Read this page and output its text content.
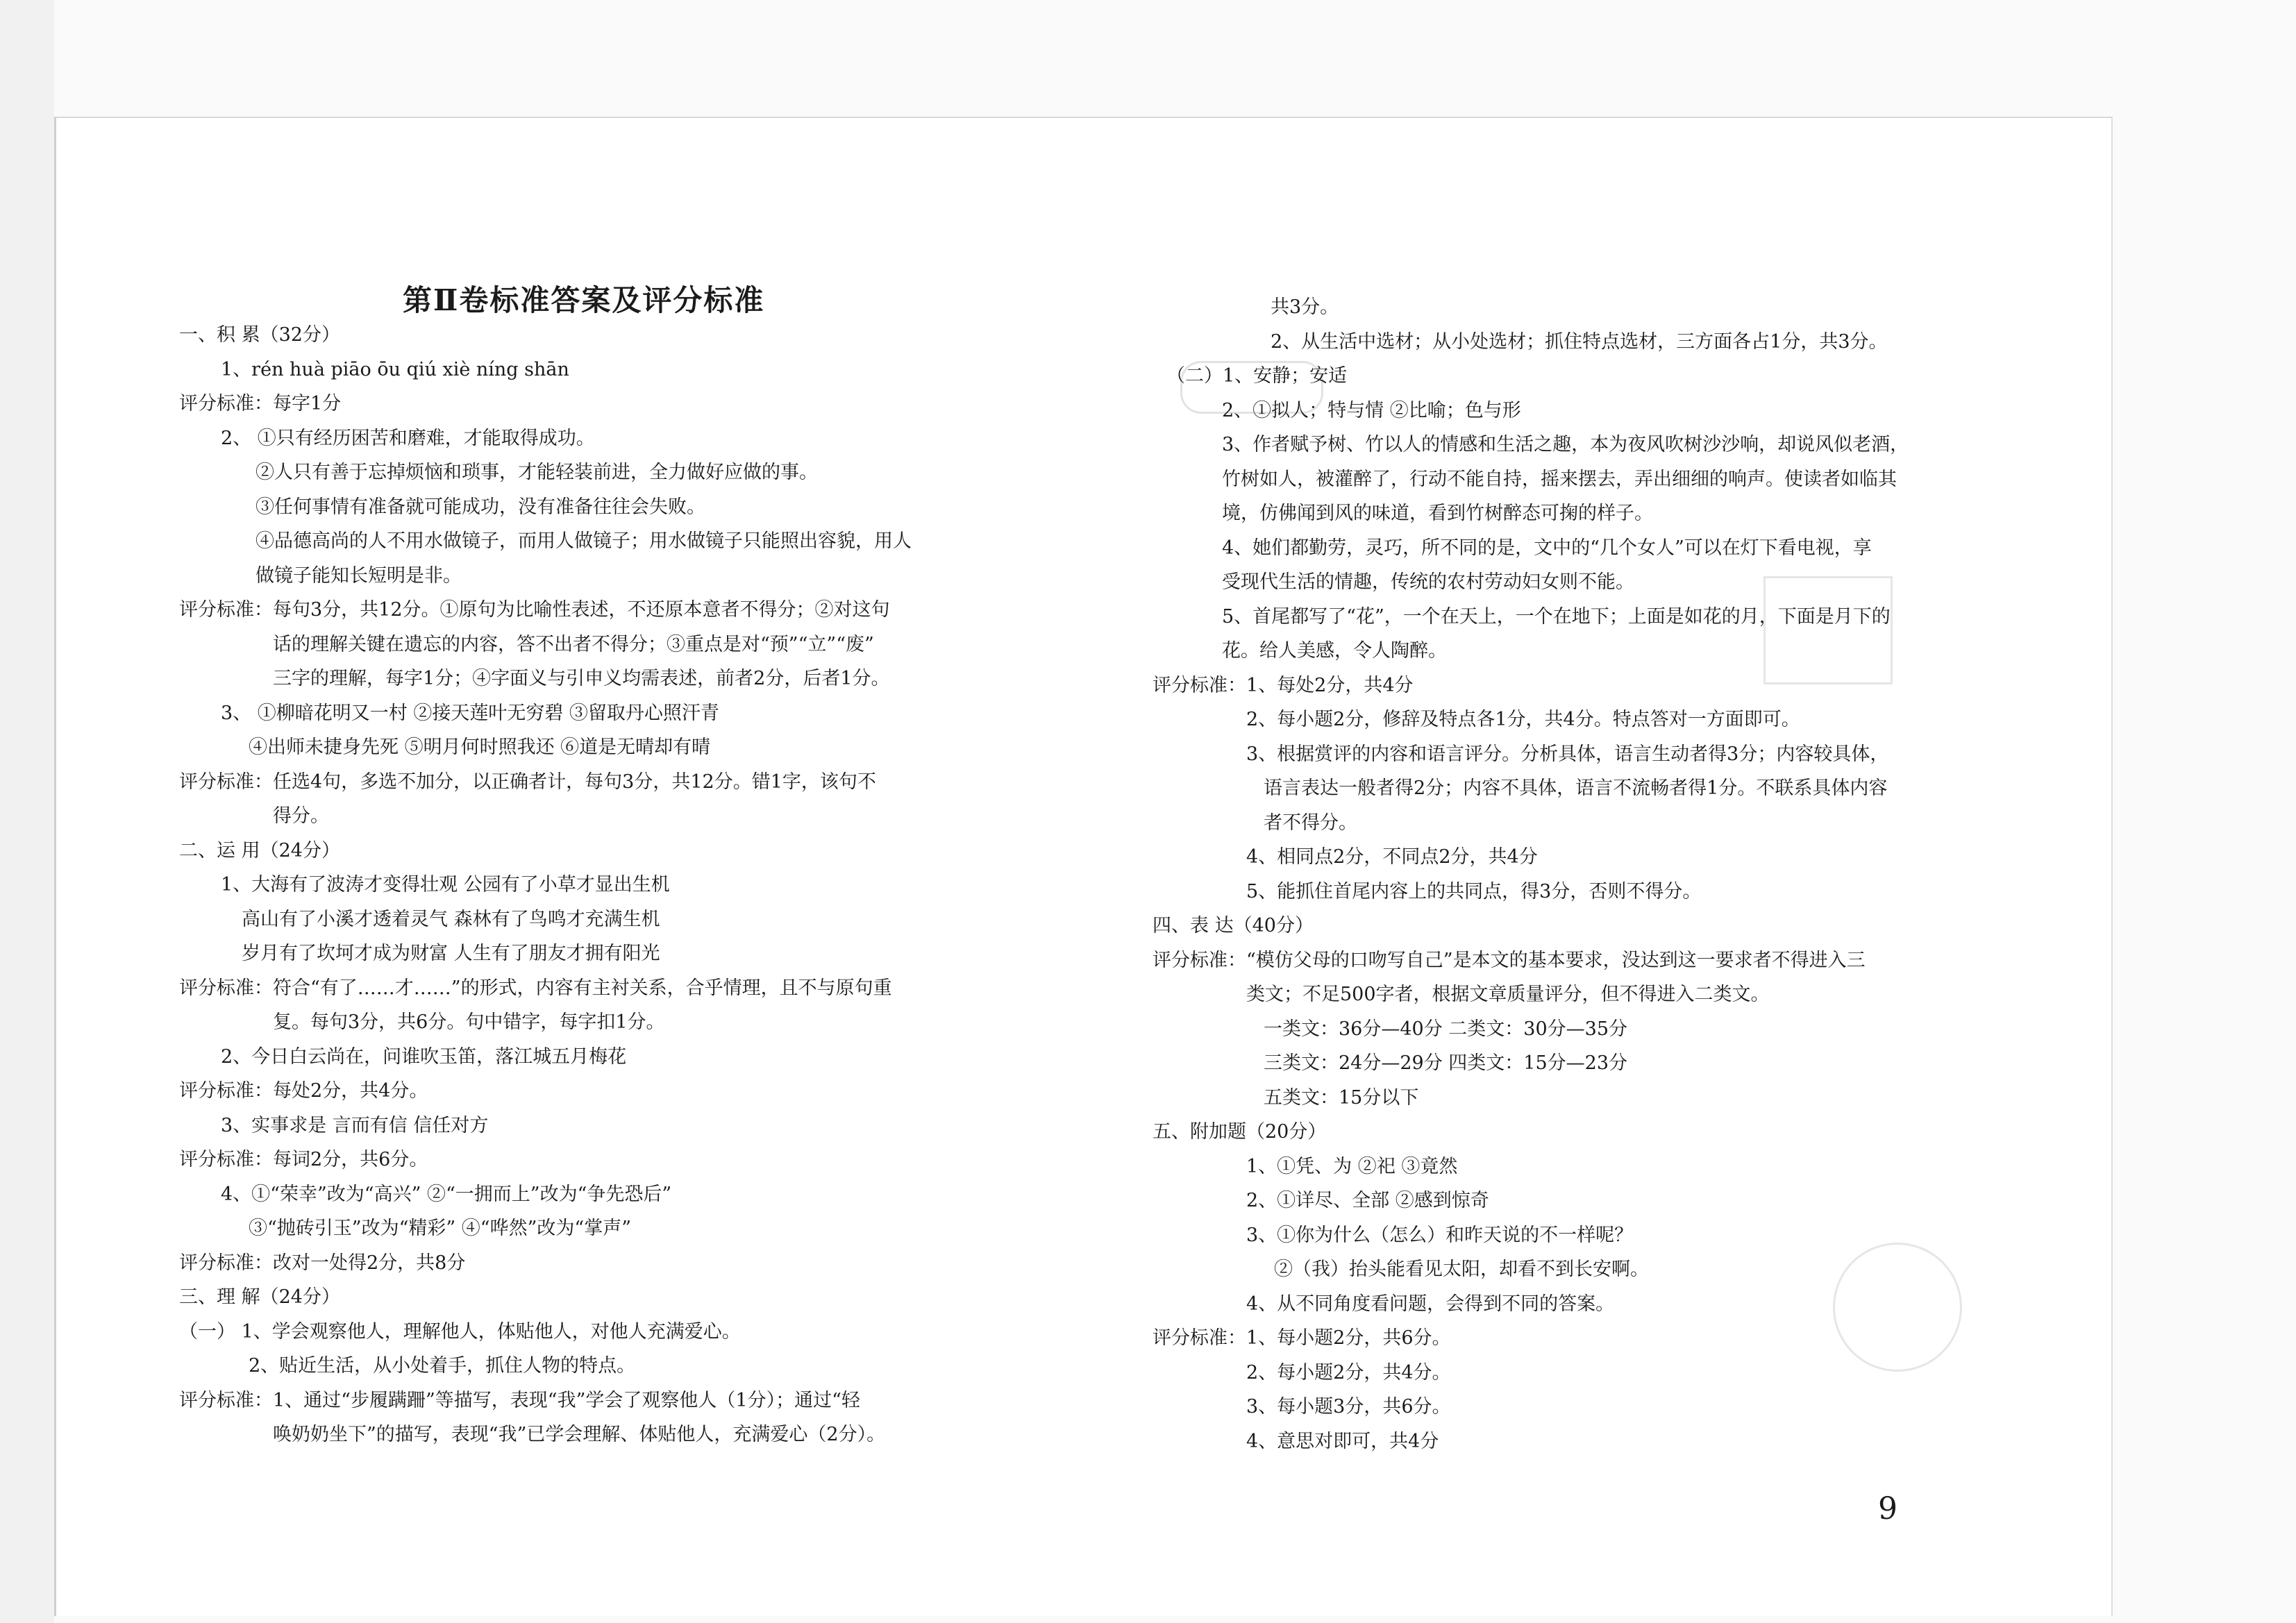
第Ⅱ卷标准答案及评分标准
一、积 累（32分）
1、rén huà piāo ōu qiú xiè níng shān
评分标准：每字1分
2、 ①只有经历困苦和磨难，才能取得成功。
②人只有善于忘掉烦恼和琐事，才能轻装前进，全力做好应做的事。
③任何事情有准备就可能成功，没有准备往往会失败。
④品德高尚的人不用水做镜子，而用人做镜子；用水做镜子只能照出容貌，用人
做镜子能知长短明是非。
评分标准：每句3分，共12分。①原句为比喻性表述，不还原本意者不得分；②对这句
话的理解关键在遗忘的内容，答不出者不得分；③重点是对“预”“立”“废”
三字的理解，每字1分；④字面义与引申义均需表述，前者2分，后者1分。
3、 ①柳暗花明又一村 ②接天莲叶无穷碧 ③留取丹心照汗青
④出师未捷身先死 ⑤明月何时照我还 ⑥道是无晴却有晴
评分标准：任选4句，多选不加分，以正确者计，每句3分，共12分。错1字，该句不
得分。
二、运 用（24分）
1、大海有了波涛才变得壮观 公园有了小草才显出生机
高山有了小溪才透着灵气 森林有了鸟鸣才充满生机
岁月有了坎坷才成为财富 人生有了朋友才拥有阳光
评分标准：符合“有了……才……”的形式，内容有主衬关系，合乎情理，且不与原句重
复。每句3分，共6分。句中错字，每字扣1分。
2、今日白云尚在，问谁吹玉笛，落江城五月梅花
评分标准：每处2分，共4分。
3、实事求是 言而有信 信任对方
评分标准：每词2分，共6分。
4、①“荣幸”改为“高兴” ②“一拥而上”改为“争先恐后”
③“抛砖引玉”改为“精彩” ④“哗然”改为“掌声”
评分标准：改对一处得2分，共8分
三、理 解（24分）
（一） 1、学会观察他人，理解他人，体贴他人，对他人充满爱心。
2、贴近生活，从小处着手，抓住人物的特点。
评分标准：1、通过“步履蹒跚”等描写，表现“我”学会了观察他人（1分）；通过“轻
唤奶奶坐下”的描写，表现“我”已学会理解、体贴他人，充满爱心（2分）。
共3分。
2、从生活中选材；从小处选材；抓住特点选材，三方面各占1分，共3分。
（二）1、安静；安适
2、①拟人；特与情 ②比喻；色与形
3、作者赋予树、竹以人的情感和生活之趣，本为夜风吹树沙沙响，却说风似老酒，
竹树如人，被灌醉了，行动不能自持，摇来摆去，弄出细细的响声。使读者如临其
境，仿佛闻到风的味道，看到竹树醉态可掬的样子。
4、她们都勤劳，灵巧，所不同的是，文中的“几个女人”可以在灯下看电视，享
受现代生活的情趣，传统的农村劳动妇女则不能。
5、首尾都写了“花”，一个在天上，一个在地下；上面是如花的月，下面是月下的
花。给人美感，令人陶醉。
评分标准：1、每处2分，共4分
2、每小题2分，修辞及特点各1分，共4分。特点答对一方面即可。
3、根据赏评的内容和语言评分。分析具体，语言生动者得3分；内容较具体，
语言表达一般者得2分；内容不具体，语言不流畅者得1分。不联系具体内容
者不得分。
4、相同点2分，不同点2分，共4分
5、能抓住首尾内容上的共同点，得3分，否则不得分。
四、表 达（40分）
评分标准：“模仿父母的口吻写自己”是本文的基本要求，没达到这一要求者不得进入三
类文；不足500字者，根据文章质量评分，但不得进入二类文。
一类文：36分—40分 二类文：30分—35分
三类文：24分—29分 四类文：15分—23分
五类文：15分以下
五、附加题（20分）
1、①凭、为 ②祀 ③竟然
2、①详尽、全部 ②感到惊奇
3、①你为什么（怎么）和昨天说的不一样呢？
②（我）抬头能看见太阳，却看不到长安啊。
4、从不同角度看问题，会得到不同的答案。
评分标准：1、每小题2分，共6分。
2、每小题2分，共4分。
3、每小题3分，共6分。
4、意思对即可，共4分
9
